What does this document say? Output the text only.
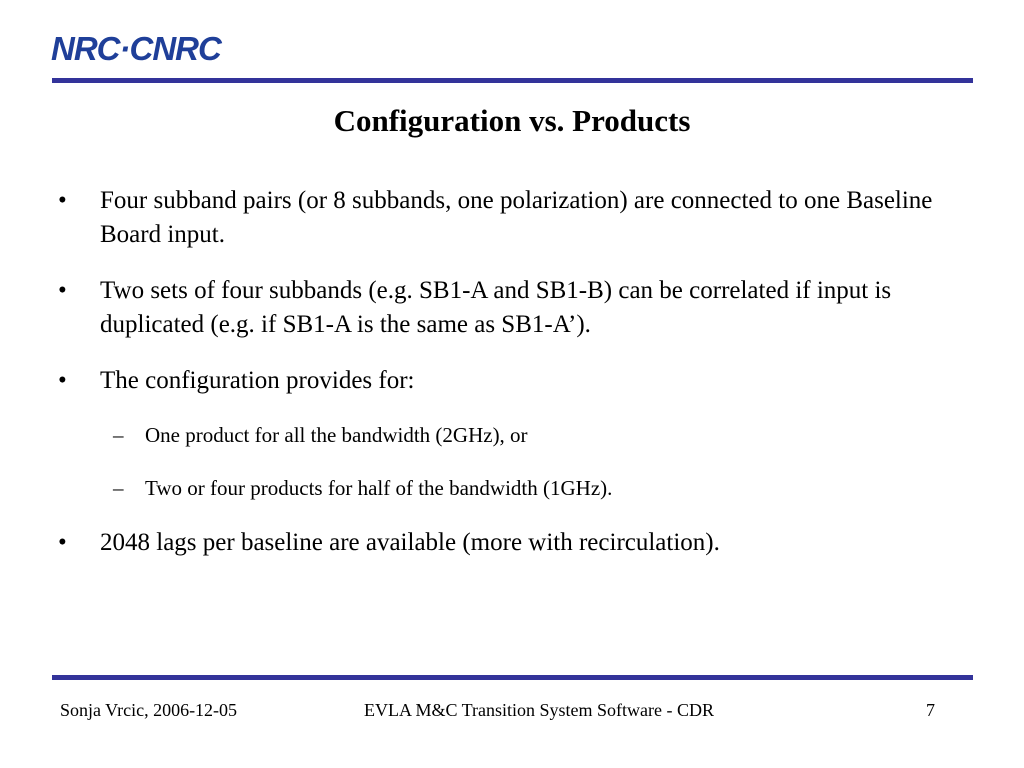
NRC·CNRC
Configuration vs. Products
•	Four subband pairs (or 8 subbands, one polarization) are connected to one Baseline Board input.
•	Two sets of four subbands (e.g. SB1-A and SB1-B) can be correlated if input is duplicated (e.g. if SB1-A is the same as SB1-A’).
•	The configuration provides for:
– One product for all the bandwidth (2GHz), or
– Two or four products for half of the bandwidth (1GHz).
•	2048 lags per baseline are available (more with recirculation).
Sonja Vrcic, 2006-12-05	EVLA M&C Transition System Software - CDR	7
